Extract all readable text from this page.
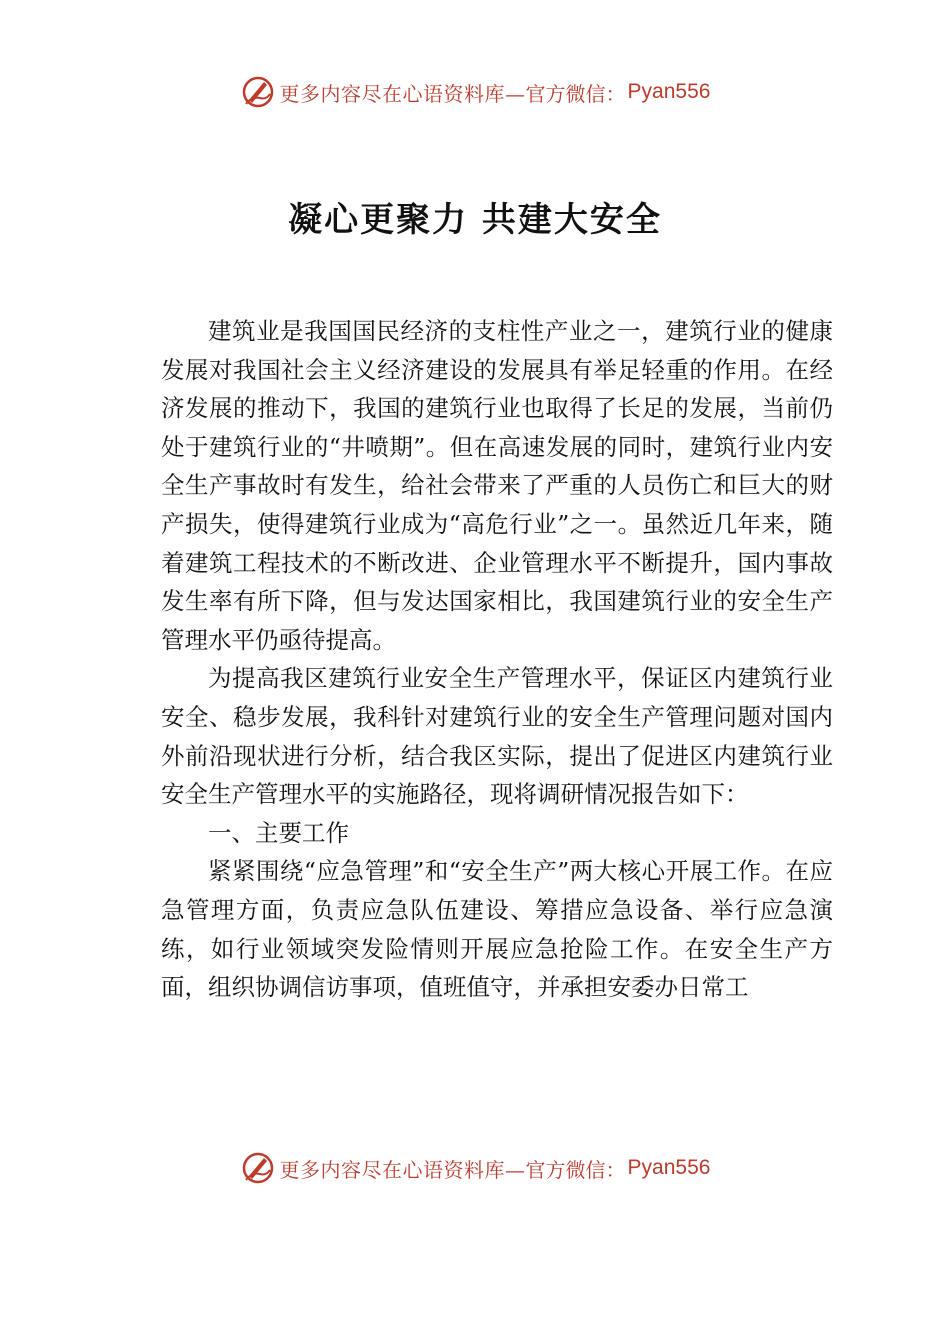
更多内容尽在心语资料库— 官方微信： Pyan556
凝心更聚力 共建大安全

建筑业是我国国民经济的支柱性产业之一，建筑行业的健康发展对我国社会主义经济建设的发展具有举足轻重的作用。在经济发展的推动下，我国的建筑行业也取得了长足的发展，当前仍处于建筑行业的“井喷期”。但在高速发展的同时，建筑行业内安全生产事故时有发生，给社会带来了严重的人员伤亡和巨大的财产损失，使得建筑行业成为“高危行业”之一。虽然近几年来，随着建筑工程技术的不断改进、企业管理水平不断提升，国内事故发生率有所下降，但与发达国家相比，我国建筑行业的安全生产管理水平仍亟待提高。

为提高我区建筑行业安全生产管理水平，保证区内建筑行业安全、稳步发展，我科针对建筑行业的安全生产管理问题对国内外前沿现状进行分析，结合我区实际，提出了促进区内建筑行业安全生产管理水平的实施路径，现将调研情况报告如下：

一、主要工作

紧紧围绕“应急管理”和“安全生产”两大核心开展工作。在应急管理方面，负责应急队伍建设、筹措应急设备、举行应急演练，如行业领域突发险情则开展应急抢险工作。在安全生产方面，组织协调信访事项，值班值守，并承担安委办日常工

更多内容尽在心语资料库— 官方微信： Pyan556
